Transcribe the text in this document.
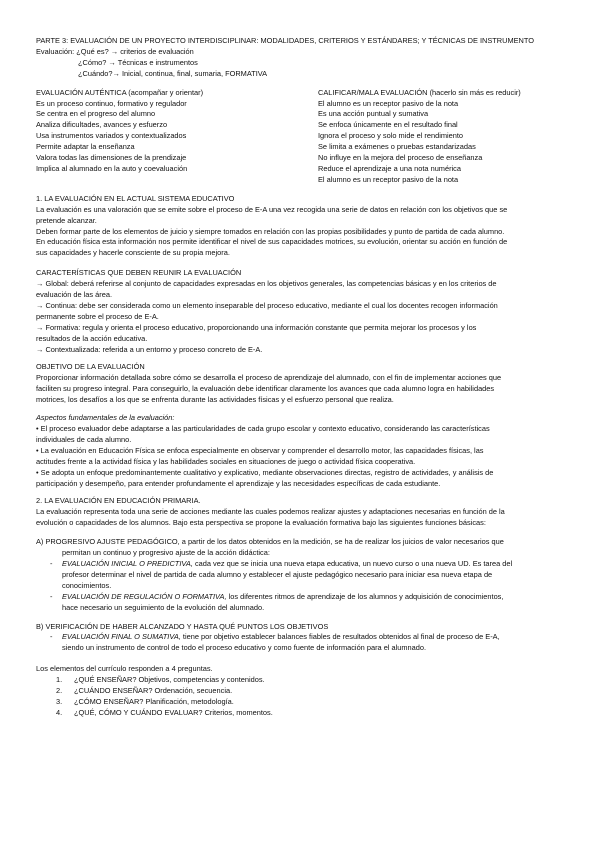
PARTE 3: EVALUACIÓN DE UN PROYECTO INTERDISCIPLINAR: MODALIDADES, CRITERIOS Y ESTÁNDARES; Y TÉCNICAS DE INSTRUMENTO
Evaluación: ¿Qué es? → criterios de evaluación
¿Cómo? → Técnicas e instrumentos
¿Cuándo?→ Inicial, continua, final, sumaria, FORMATIVA
EVALUACIÓN AUTÉNTICA (acompañar y orientar)
Es un proceso continuo, formativo y regulador
Se centra en el progreso del alumno
Analiza dificultades, avances y esfuerzo
Usa instrumentos variados y contextualizados
Permite adaptar la enseñanza
Valora todas las dimensiones de la prendizaje
Implica al alumnado en la auto y coevaluación
CALIFICAR/MALA EVALUACIÓN (hacerlo sin más es reducir)
El alumno es un receptor pasivo de la nota
Es una acción puntual y sumativa
Se enfoca únicamente en el resultado final
Ignora el proceso y solo mide el rendimiento
Se limita a exámenes o pruebas estandarizadas
No influye en la mejora del proceso de enseñanza
Reduce el aprendizaje a una nota numérica
El alumno es un receptor pasivo de la nota
1. LA EVALUACIÓN EN EL ACTUAL SISTEMA EDUCATIVO
La evaluación es una valoración que se emite sobre el proceso de E-A una vez recogida una serie de datos en relación con los objetivos que se
pretende alcanzar.
Deben formar parte de los elementos de juicio y siempre tomados en relación con las propias posibilidades y punto de partida de cada alumno.
En educación física esta información nos permite identificar el nivel de sus capacidades motrices, su evolución, orientar su acción en función de
sus capacidades y hacerle consciente de su propia mejora.
CARACTERÍSTICAS QUE DEBEN REUNIR LA EVALUACIÓN
→ Global: deberá referirse al conjunto de capacidades expresadas en los objetivos generales, las competencias básicas y en los criterios de
evaluación de las área.
→ Continua: debe ser considerada como un elemento inseparable del proceso educativo, mediante el cual los docentes recogen información
permanente sobre el proceso de E-A.
→ Formativa: regula y orienta el proceso educativo, proporcionando una información constante que permita mejorar los procesos y los
resultados de la acción educativa.
→ Contextualizada: referida a un entorno y proceso concreto de E-A.
OBJETIVO DE LA EVALUACIÓN
Proporcionar información detallada sobre cómo se desarrolla el proceso de aprendizaje del alumnado, con el fin de implementar acciones que
faciliten su progreso integral. Para conseguirlo, la evaluación debe identificar claramente los avances que cada alumno logra en habilidades
motrices, los desafíos a los que se enfrenta durante las actividades físicas y el esfuerzo personal que realiza.
Aspectos fundamentales de la evaluación:
• El proceso evaluador debe adaptarse a las particularidades de cada grupo escolar y contexto educativo, considerando las características
individuales de cada alumno.
• La evaluación en Educación Física se enfoca especialmente en observar y comprender el desarrollo motor, las capacidades físicas, las
actitudes frente a la actividad física y las habilidades sociales en situaciones de juego o actividad física cooperativa.
• Se adopta un enfoque predominantemente cualitativo y explicativo, mediante observaciones directas, registro de actividades, y análisis de
participación y desempeño, para entender profundamente el aprendizaje y las necesidades específicas de cada estudiante.
2. LA EVALUACIÓN EN EDUCACIÓN PRIMARIA.
La evaluación representa toda una serie de acciones mediante las cuales podemos realizar ajustes y adaptaciones necesarias en función de la
evolución o capacidades de los alumnos. Bajo esta perspectiva se propone la evaluación formativa bajo las siguientes funciones básicas:
A) PROGRESIVO AJUSTE PEDAGÓGICO, a partir de los datos obtenidos en la medición, se ha de realizar los juicios de valor necesarios que
permitan un continuo y progresivo ajuste de la acción didáctica:
-	EVALUACIÓN INICIAL O PREDICTIVA, cada vez que se inicia una nueva etapa educativa, un nuevo curso o una nueva UD. Es tarea del
profesor determinar el nivel de partida de cada alumno y establecer el ajuste pedagógico necesario para iniciar esa nueva etapa de
conocimientos.
-	EVALUACIÓN DE REGULACIÓN O FORMATIVA, los diferentes ritmos de aprendizaje de los alumnos y adquisición de conocimientos,
hace necesario un seguimiento de la evolución del alumnado.
B) VERIFICACIÓN DE HABER ALCANZADO Y HASTA QUÉ PUNTOS LOS OBJETIVOS
-	EVALUACIÓN FINAL O SUMATIVA, tiene por objetivo establecer balances fiables de resultados obtenidos al final de proceso de E-A,
siendo un instrumento de control de todo el proceso educativo y como fuente de información para el alumnado.
Los elementos del currículo responden a 4 preguntas.
1. ¿QUÉ ENSEÑAR? Objetivos, competencias y contenidos.
2. ¿CUÁNDO ENSEÑAR? Ordenación, secuencia.
3. ¿CÓMO ENSEÑAR? Planificación, metodología.
4. ¿QUÉ, CÓMO Y CUÁNDO EVALUAR? Criterios, momentos.
